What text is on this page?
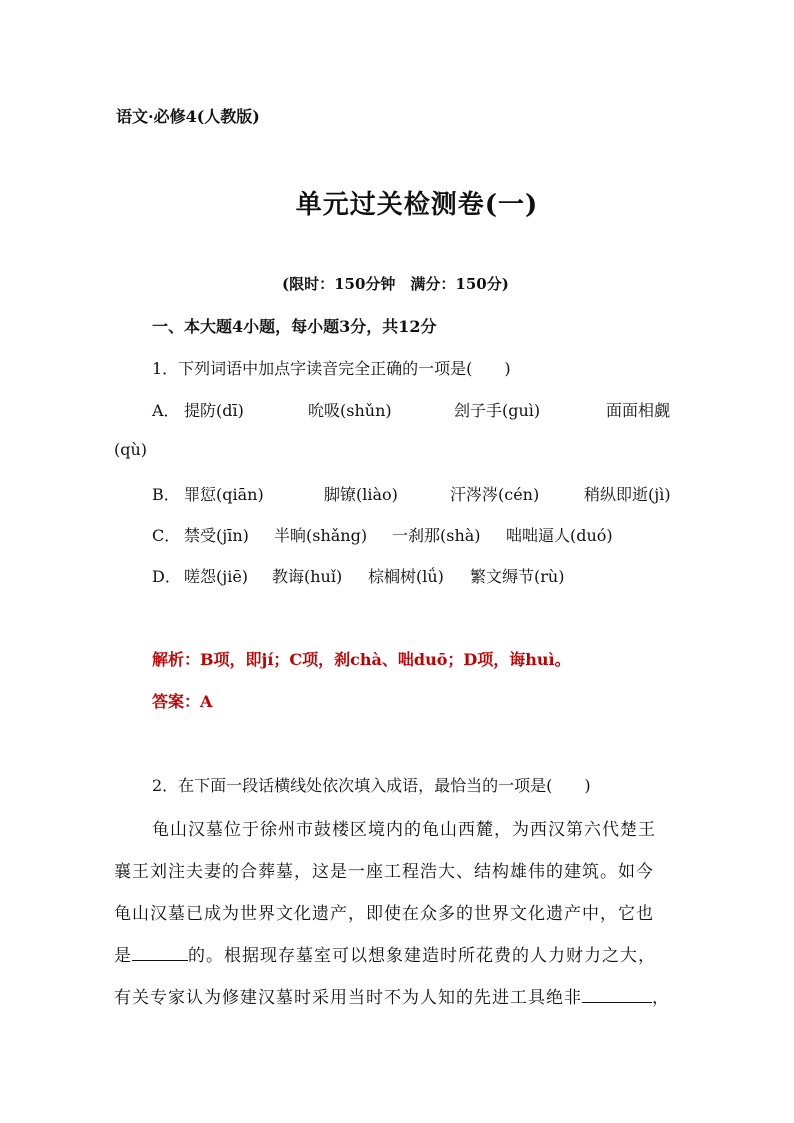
语文·必修4(人教版)
单元过关检测卷(一)
(限时：150分钟　满分：150分)
一、本大题4小题，每小题3分，共12分
1．下列词语中加点字读音完全正确的一项是(　　)
A． 提防(dī)	吮吸(shǔn)	刽子手(guì)	面面相觑
(qù)
B． 罪愆(qiān)	脚镣(liào)	汗涔涔(cén)	稍纵即逝(jì)
C． 禁受(jīn) 半晌(shǎng) 一刹那(shà) 咄咄逼人(duó)
D． 嗟怨(jiē) 教诲(huǐ) 棕榈树(lǘ) 繁文缛节(rù)
解析：B项，即jí；C项，刹chà、咄duō；D项，诲huì。
答案：A
2．在下面一段话横线处依次填入成语，最恰当的一项是(　　)
龟山汉墓位于徐州市鼓楼区境内的龟山西麓，为西汉第六代楚王
襄王刘注夫妻的合葬墓，这是一座工程浩大、结构雄伟的建筑。如今
龟山汉墓已成为世界文化遗产，即使在众多的世界文化遗产中，它也
是	的。根据现存墓室可以想象建造时所花费的人力财力之大，
有关专家认为修建汉墓时采用当时不为人知的先进工具绝非	，
